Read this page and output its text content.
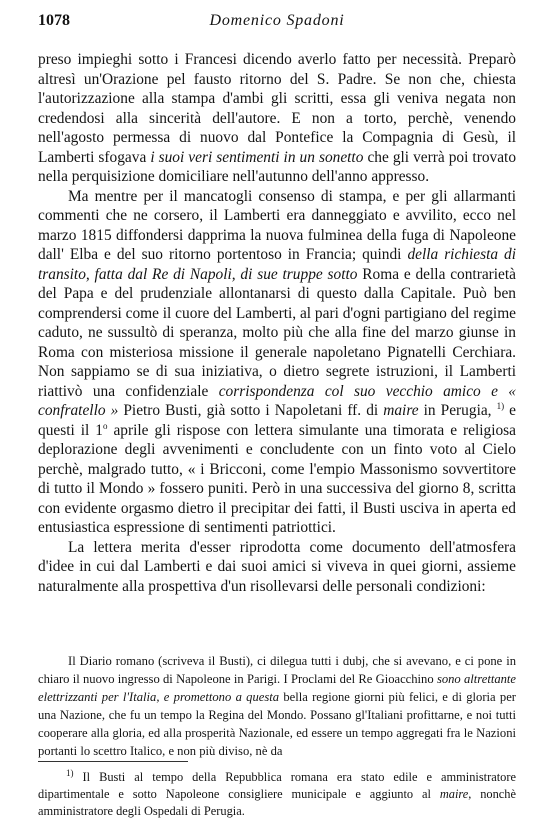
1078	Domenico Spadoni

preso impieghi sotto i Francesi dicendo averlo fatto per necessità. Preparò altresì un'Orazione pel fausto ritorno del S. Padre. Se non che, chiesta l'autorizzazione alla stampa d'ambi gli scritti, essa gli veniva negata non credendosi alla sincerità dell'autore. E non a torto, perchè, venendo nell'agosto permessa di nuovo dal Pontefice la Compagnia di Gesù, il Lamberti sfogava i suoi veri sentimenti in un sonetto che gli verrà poi trovato nella perquisizione domiciliare nell'autunno dell'anno appresso.

Ma mentre per il mancatogli consenso di stampa, e per gli allarmanti commenti che ne corsero, il Lamberti era danneggiato e avvilito, ecco nel marzo 1815 diffondersi dapprima la nuova fulminea della fuga di Napoleone dall' Elba e del suo ritorno portentoso in Francia; quindi della richiesta di transito, fatta dal Re di Napoli, di sue truppe sotto Roma e della contrarietà del Papa e del prudenziale allontanarsi di questo dalla Capitale. Può ben comprendersi come il cuore del Lamberti, al pari d'ogni partigiano del regime caduto, ne sussultò di speranza, molto più che alla fine del marzo giunse in Roma con misteriosa missione il generale napoletano Pignatelli Cerchiara. Non sappiamo se di sua iniziativa, o dietro segrete istruzioni, il Lamberti riattivò una confidenziale corrispondenza col suo vecchio amico e « confratello » Pietro Busti, già sotto i Napoletani ff. di maire in Perugia, $^{1)}$ e questi il 1$^o$ aprile gli rispose con lettera simulante una timorata e religiosa deplorazione degli avvenimenti e concludente con un finto voto al Cielo perchè, malgrado tutto, « i Bricconi, come l'empio Massonismo sovvertitore di tutto il Mondo » fossero puniti. Però in una successiva del giorno 8, scritta con evidente orgasmo dietro il precipitar dei fatti, il Busti usciva in aperta ed entusiastica espressione di sentimenti patriottici.

La lettera merita d'esser riprodotta come documento dell'atmosfera d'idee in cui dal Lamberti e dai suoi amici si viveva in quei giorni, assieme naturalmente alla prospettiva d'un risollevarsi delle personali condizioni:

Il Diario romano (scriveva il Busti), ci dilegua tutti i dubj, che si avevano, e ci pone in chiaro il nuovo ingresso di Napoleone in Parigi. I Proclami del Re Gioacchino sono altrettante elettrizzanti per l'Italia, e promettono a questa bella regione giorni più felici, e di gloria per una Nazione, che fu un tempo la Regina del Mondo. Possano gl'Italiani profittarne, e noi tutti cooperare alla gloria, ed alla prosperità Nazionale, ed essere un tempo aggregati fra le Nazioni portanti lo scettro Italico, e non più diviso, nè da

$^{1)}$ Il Busti al tempo della Repubblica romana era stato edile e amministratore dipartimentale e sotto Napoleone consigliere municipale e aggiunto al maire, nonchè amministratore degli Ospedali di Perugia.
